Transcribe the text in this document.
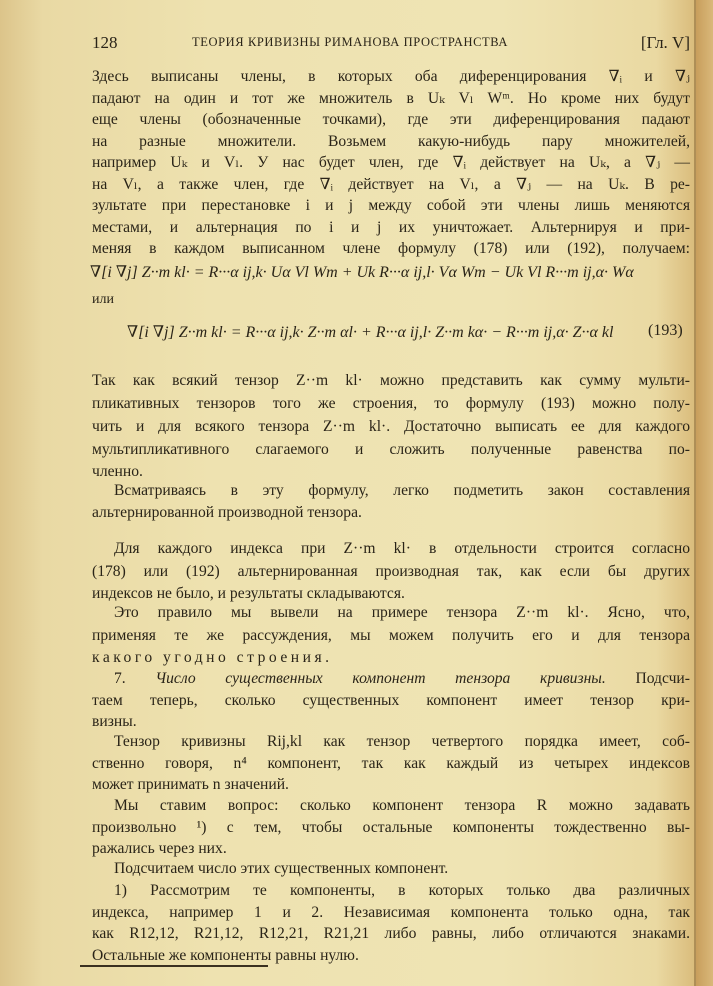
128	ТЕОРИЯ КРИВИЗНЫ РИМАНОВА ПРОСТРАНСТВА	[Гл. V]
Здесь выписаны члены, в которых оба диференцирования ∇ᵢ и ∇ⱼ
падают на один и тот же множитель в Uₖ Vₗ Wᵐ. Но кроме них будут
еще члены (обозначенные точками), где эти диференцирования падают
на разные множители. Возьмем какую-нибудь пару множителей,
например Uₖ и Vₗ. У нас будет член, где ∇ᵢ действует на Uₖ, а ∇ⱼ —
на Vₗ, а также член, где ∇ᵢ действует на Vₗ, а ∇ⱼ — на Uₖ. В ре-
зультате при перестановке i и j между собой эти члены лишь меняются
местами, и альтернация по i и j их уничтожает. Альтернируя и при-
меняя в каждом выписанном члене формулу (178) или (192), получаем:
∇[i ∇j] Z··m kl· = R···α ij,k· Uα Vl Wm + Uk R···α ij,l· Vα Wm − Uk Vl R···m ij,α· Wα
или
∇[i ∇j] Z··m kl· = R···α ij,k· Z··m αl· + R···α ij,l· Z··m kα· − R···m ij,α· Z··α kl (193)
Так как всякий тензор Z··m kl· можно представить как сумму мульти-
пликативных тензоров того же строения, то формулу (193) можно полу-
чить и для всякого тензора Z··m kl·. Достаточно выписать ее для каждого
мультипликативного слагаемого и сложить полученные равенства по-
членно.
Всматриваясь в эту формулу, легко подметить закон составления
альтернированной производной тензора.
Для каждого индекса при Z··m kl· в отдельности строится согласно
(178) или (192) альтернированная производная так, как если бы других
индексов не было, и результаты складываются.
Это правило мы вывели на примере тензора Z··m kl·. Ясно, что,
применяя те же рассуждения, мы можем получить его и для тензора
какого угодно строения.
7. Число существенных компонент тензора кривизны. Подсчи-
таем теперь, сколько существенных компонент имеет тензор кри-
визны.
Тензор кривизны Rij,kl как тензор четвертого порядка имеет, соб-
ственно говоря, n⁴ компонент, так как каждый из четырех индексов
может принимать n значений.
Мы ставим вопрос: сколько компонент тензора R можно задавать
произвольно ¹) с тем, чтобы остальные компоненты тождественно вы-
ражались через них.
Подсчитаем число этих существенных компонент.
1) Рассмотрим те компоненты, в которых только два различных
индекса, например 1 и 2. Независимая компонента только одна, так
как R12,12, R21,12, R12,21, R21,21 либо равны, либо отличаются знаками.
Остальные же компоненты равны нулю.
